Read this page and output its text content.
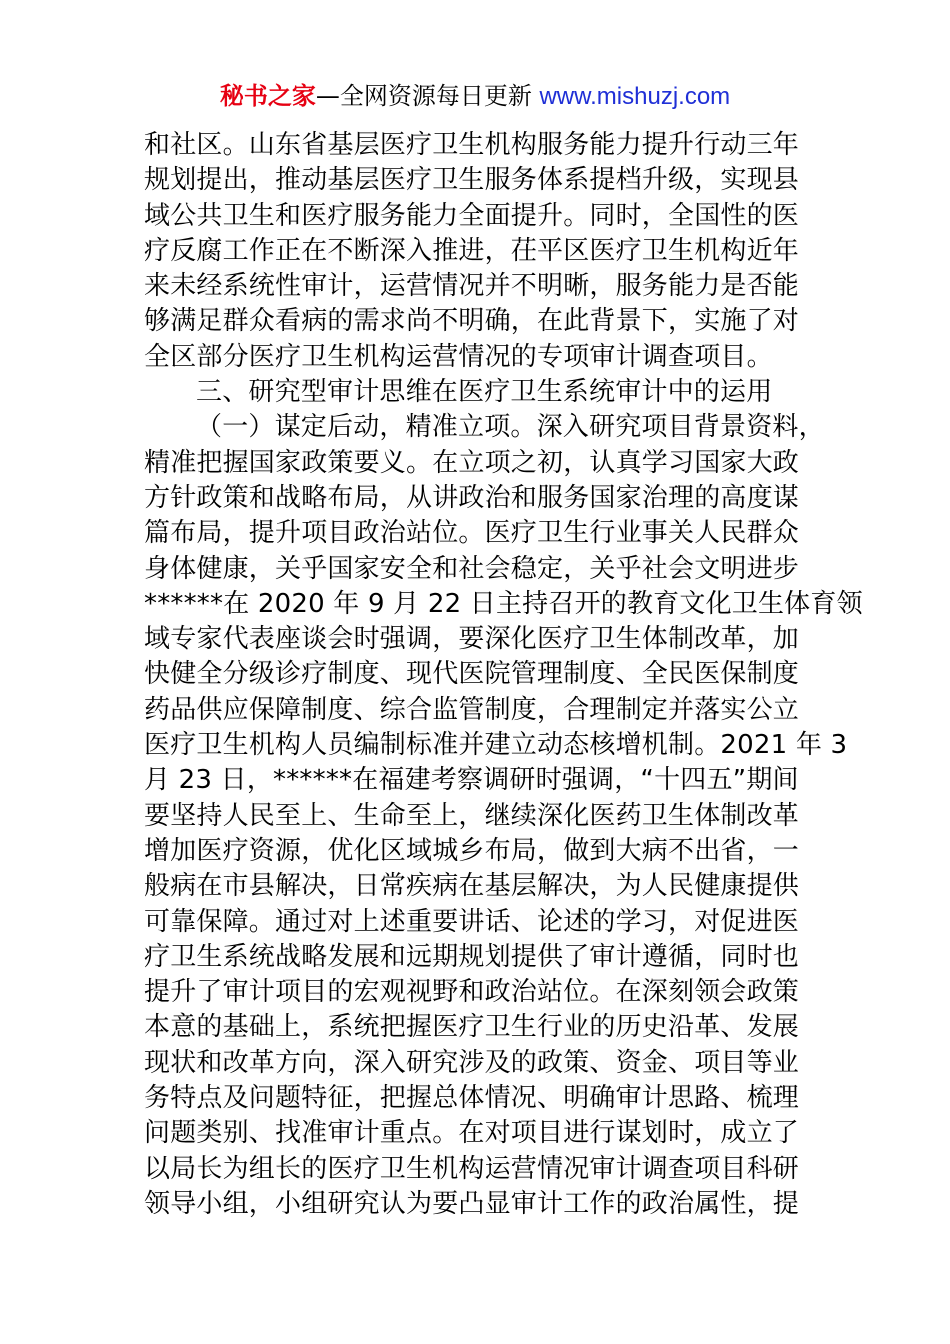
秘书之家—全网资源每日更新 www.mishuzj.com
和社区。山东省基层医疗卫生机构服务能力提升行动三年
规划提出，推动基层医疗卫生服务体系提档升级，实现县
域公共卫生和医疗服务能力全面提升。同时，全国性的医
疗反腐工作正在不断深入推进，茌平区医疗卫生机构近年
来未经系统性审计，运营情况并不明晰，服务能力是否能
够满足群众看病的需求尚不明确，在此背景下，实施了对
全区部分医疗卫生机构运营情况的专项审计调查项目。
三、研究型审计思维在医疗卫生系统审计中的运用
（一）谋定后动，精准立项。深入研究项目背景资料，
精准把握国家政策要义。在立项之初，认真学习国家大政
方针政策和战略布局，从讲政治和服务国家治理的高度谋
篇布局，提升项目政治站位。医疗卫生行业事关人民群众
身体健康，关乎国家安全和社会稳定，关乎社会文明进步
******在 2020 年 9 月 22 日主持召开的教育文化卫生体育领
域专家代表座谈会时强调，要深化医疗卫生体制改革，加
快健全分级诊疗制度、现代医院管理制度、全民医保制度
药品供应保障制度、综合监管制度，合理制定并落实公立
医疗卫生机构人员编制标准并建立动态核增机制。2021 年 3
月 23 日，******在福建考察调研时强调，“十四五”期间
要坚持人民至上、生命至上，继续深化医药卫生体制改革
增加医疗资源，优化区域城乡布局，做到大病不出省，一
般病在市县解决，日常疾病在基层解决，为人民健康提供
可靠保障。通过对上述重要讲话、论述的学习，对促进医
疗卫生系统战略发展和远期规划提供了审计遵循，同时也
提升了审计项目的宏观视野和政治站位。在深刻领会政策
本意的基础上，系统把握医疗卫生行业的历史沿革、发展
现状和改革方向，深入研究涉及的政策、资金、项目等业
务特点及问题特征，把握总体情况、明确审计思路、梳理
问题类别、找准审计重点。在对项目进行谋划时，成立了
以局长为组长的医疗卫生机构运营情况审计调查项目科研
领导小组，小组研究认为要凸显审计工作的政治属性，提
